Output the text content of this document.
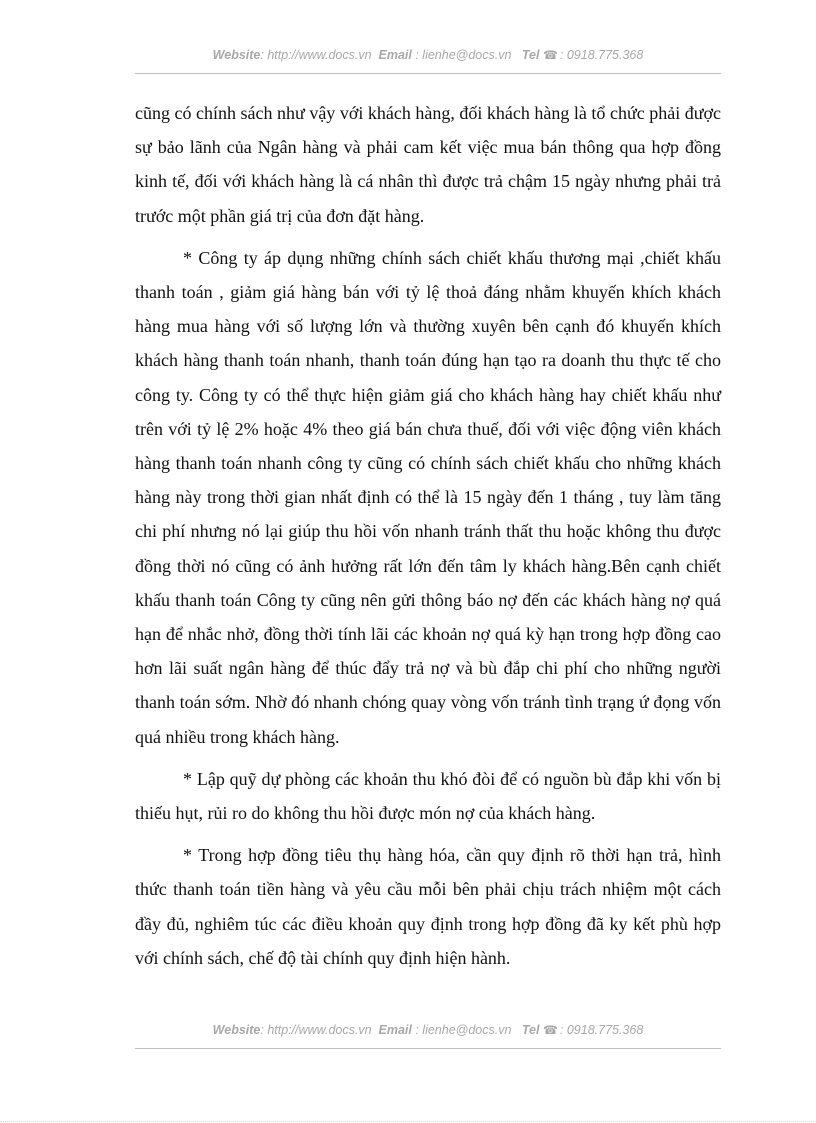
Website: http://www.docs.vn Email : lienhe@docs.vn Tel ☎ : 0918.775.368

cũng có chính sách như vậy với khách hàng, đối khách hàng là tổ chức phải được sự bảo lãnh của Ngân hàng và phải cam kết việc mua bán thông qua hợp đồng kinh tế, đối với khách hàng là cá nhân thì được trả chậm 15 ngày nhưng phải trả trước một phần giá trị của đơn đặt hàng.

* Công ty áp dụng những chính sách chiết khấu thương mại ,chiết khấu thanh toán , giảm giá hàng bán với tỷ lệ thoả đáng nhằm khuyến khích khách hàng mua hàng với số lượng lớn và thường xuyên bên cạnh đó khuyến khích khách hàng thanh toán nhanh, thanh toán đúng hạn tạo ra doanh thu thực tế cho công ty. Công ty có thể thực hiện giảm giá cho khách hàng hay chiết khấu như trên với tỷ lệ 2% hoặc 4% theo giá bán chưa thuế, đối với việc động viên khách hàng thanh toán nhanh công ty cũng có chính sách chiết khấu cho những khách hàng này trong thời gian nhất định có thể là 15 ngày đến 1 tháng , tuy làm tăng chi phí nhưng nó lại giúp thu hồi vốn nhanh tránh thất thu hoặc không thu được đồng thời nó cũng có ảnh hưởng rất lớn đến tâm ly khách hàng.Bên cạnh chiết khấu thanh toán Công ty cũng nên gửi thông báo nợ đến các khách hàng nợ quá hạn để nhắc nhở, đồng thời tính lãi các khoản nợ quá kỳ hạn trong hợp đồng cao hơn lãi suất ngân hàng để thúc đẩy trả nợ và bù đắp chi phí cho những người thanh toán sớm. Nhờ đó nhanh chóng quay vòng vốn tránh tình trạng ứ đọng vốn quá nhiều trong khách hàng.

* Lập quỹ dự phòng các khoản thu khó đòi để có nguồn bù đắp khi vốn bị thiếu hụt, rủi ro do không thu hồi được món nợ của khách hàng.

* Trong hợp đồng tiêu thụ hàng hóa, cần quy định rõ thời hạn trả, hình thức thanh toán tiền hàng và yêu cầu mỗi bên phải chịu trách nhiệm một cách đầy đủ, nghiêm túc các điều khoản quy định trong hợp đồng đã ky kết phù hợp với chính sách, chế độ tài chính quy định hiện hành.

Website: http://www.docs.vn Email : lienhe@docs.vn Tel ☎ : 0918.775.368
